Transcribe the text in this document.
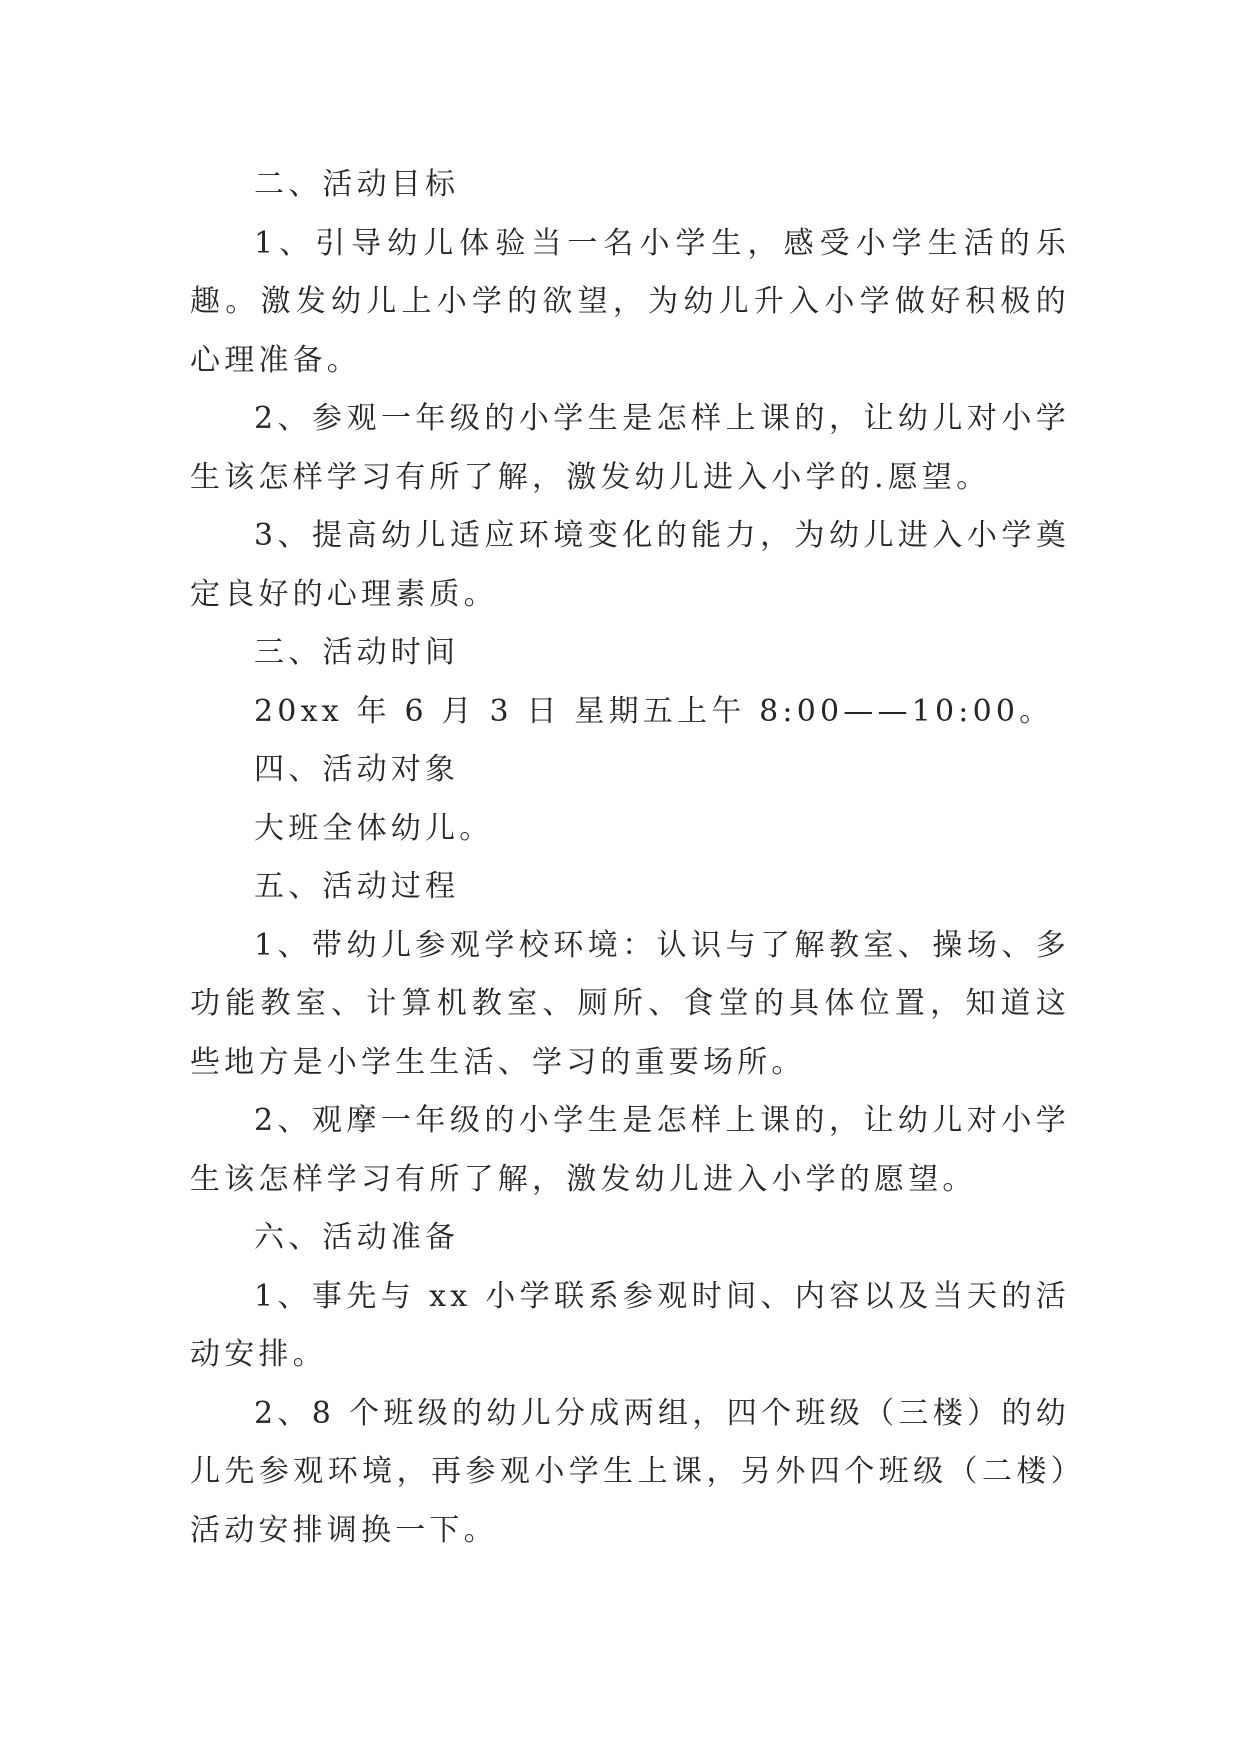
二、活动目标

1、引导幼儿体验当一名小学生，感受小学生活的乐趣。激发幼儿上小学的欲望，为幼儿升入小学做好积极的心理准备。

2、参观一年级的小学生是怎样上课的，让幼儿对小学生该怎样学习有所了解，激发幼儿进入小学的.愿望。

3、提高幼儿适应环境变化的能力，为幼儿进入小学奠定良好的心理素质。

三、活动时间

20xx 年 6 月 3 日 星期五上午 8:00——10:00。

四、活动对象

大班全体幼儿。

五、活动过程

1、带幼儿参观学校环境：认识与了解教室、操场、多功能教室、计算机教室、厕所、食堂的具体位置，知道这些地方是小学生生活、学习的重要场所。

2、观摩一年级的小学生是怎样上课的，让幼儿对小学生该怎样学习有所了解，激发幼儿进入小学的愿望。

六、活动准备

1、事先与 xx 小学联系参观时间、内容以及当天的活动安排。

2、8 个班级的幼儿分成两组，四个班级（三楼）的幼儿先参观环境，再参观小学生上课，另外四个班级（二楼）活动安排调换一下。
